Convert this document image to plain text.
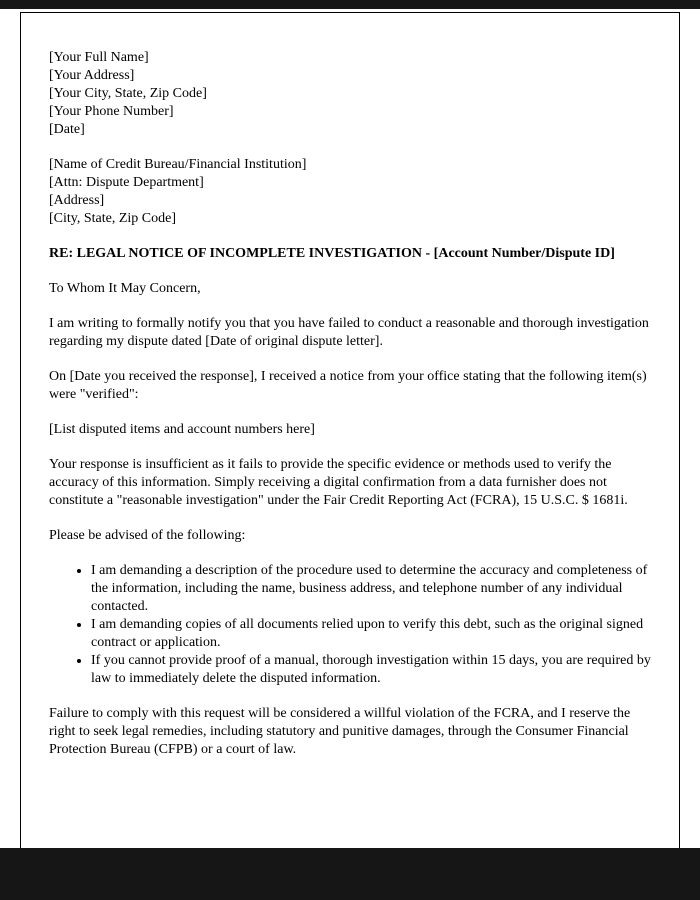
[Your Full Name]
[Your Address]
[Your City, State, Zip Code]
[Your Phone Number]
[Date]
[Name of Credit Bureau/Financial Institution]
[Attn: Dispute Department]
[Address]
[City, State, Zip Code]
RE: LEGAL NOTICE OF INCOMPLETE INVESTIGATION - [Account Number/Dispute ID]
To Whom It May Concern,

I am writing to formally notify you that you have failed to conduct a reasonable and thorough investigation regarding my dispute dated [Date of original dispute letter].

On [Date you received the response], I received a notice from your office stating that the following item(s) were "verified":

[List disputed items and account numbers here]

Your response is insufficient as it fails to provide the specific evidence or methods used to verify the accuracy of this information. Simply receiving a digital confirmation from a data furnisher does not constitute a "reasonable investigation" under the Fair Credit Reporting Act (FCRA), 15 U.S.C. $ 1681i.

Please be advised of the following:

• I am demanding a description of the procedure used to determine the accuracy and completeness of the information, including the name, business address, and telephone number of any individual contacted.
• I am demanding copies of all documents relied upon to verify this debt, such as the original signed contract or application.
• If you cannot provide proof of a manual, thorough investigation within 15 days, you are required by law to immediately delete the disputed information.

Failure to comply with this request will be considered a willful violation of the FCRA, and I reserve the right to seek legal remedies, including statutory and punitive damages, through the Consumer Financial Protection Bureau (CFPB) or a court of law.
